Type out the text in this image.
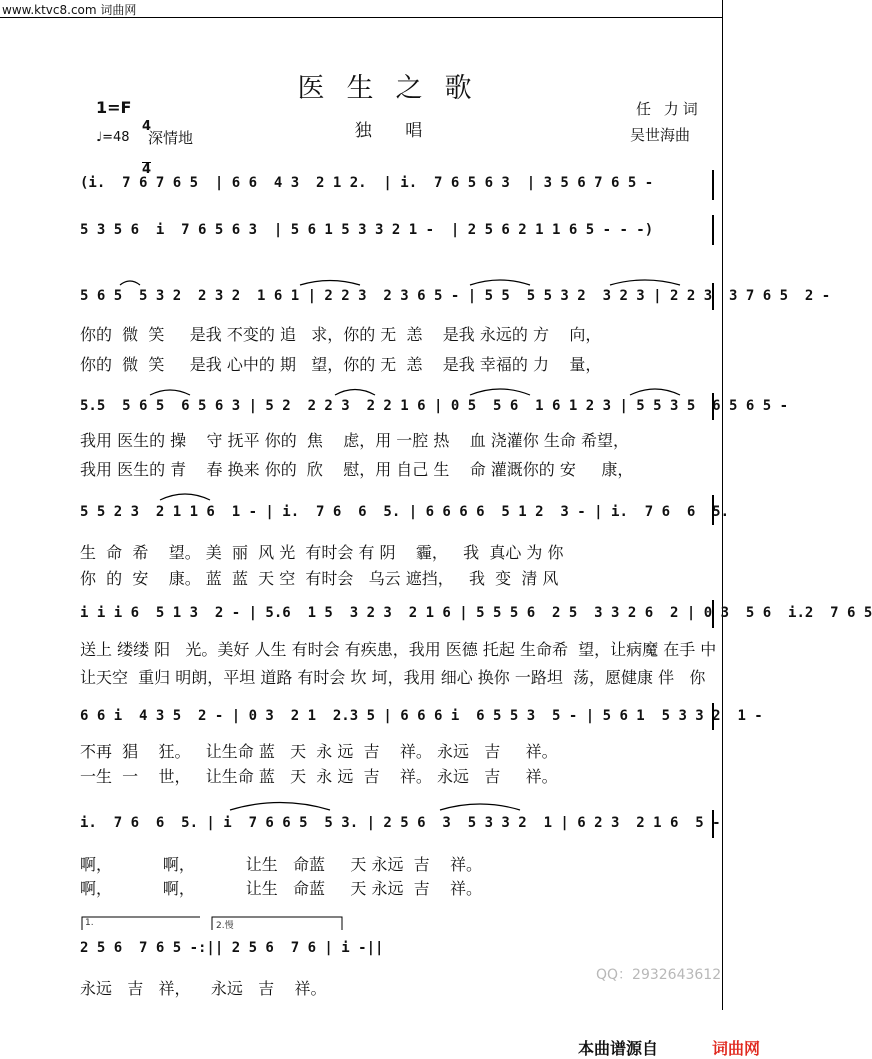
www.ktvc8.com 词曲网
医生之歌
独 唱
1=F

$\frac{4}{4}$

♩=48 深情地
任 力词
吴世海曲
(i.  7 6 7 6 5  | 6 6  4 3  2 1 2.  | i.  7 6 5 6 3  | 3 5 6 7 6 5 -
5 3 5 6  i  7 6 5 6 3  | 5 6 1 5 3 3 2 1 -  | 2 5 6 2 1 1 6 5 - - -)
5 6 5  5 3 2  2 3 2  1 6 1 | 2 2 3  2 3 6 5 - | 5 5  5 5 3 2  3 2 3 | 2 2 3  3 7 6 5  2 -
你的  微  笑     是我 不变的 追   求，你的 无  恙    是我 永远的 方    向，
你的  微  笑     是我 心中的 期   望，你的 无  恙    是我 幸福的 力    量，
5.5  5 6 5  6 5 6 3 | 5 2  2 2 3  2 2 1 6 | 0 5  5 6  1 6 1 2 3 | 5 5 3 5  6 5 6 5 -
我用 医生的 操    守 抚平 你的  焦    虑，用 一腔 热    血 浇灌你 生命 希望，
我用 医生的 青    春 换来 你的  欣    慰，用 自己 生    命 灌溉你的 安     康，
5 5 2 3  2 1 1 6  1 - | i.  7 6  6  5. | 6 6 6 6  5 1 2  3 - | i.  7 6  6  5.
生  命  希    望。 美  丽  风 光  有时会 有 阴    霾，   我  真心 为 你
你  的  安    康。 蓝  蓝  天 空  有时会   乌云 遮挡，   我  变  清 风
i i i 6  5 1 3  2 - | 5.6  1 5  3 2 3  2 1 6 | 5 5 5 6  2 5  3 3 2 6  2 | 0 3  5 6  i.2  7 6 5
送上 缕缕 阳   光。美好 人生 有时会 有疾患，我用 医德 托起 生命希  望，让病魔 在手 中
让天空  重归 明朗，平坦 道路 有时会 坎 坷，我用 细心 换你 一路坦  荡，愿健康 伴   你
6 6 i  4 3 5  2 - | 0 3  2 1  2.3 5 | 6 6 6 i  6 5 5 3  5 - | 5 6 1  5 3 3 2  1 -
不再  猖    狂。   让生命 蓝   天  永 远  吉    祥。 永远   吉     祥。
一生  一    世，   让生命 蓝   天  永 远  吉    祥。 永远   吉     祥。
i.  7 6  6  5. | i  7 6 6 5  5 3. | 2 5 6  3  5 3 3 2  1 | 6 2 3  2 1 6  5 -
啊，          啊，          让生   命蓝     天 永远  吉    祥。
啊，          啊，          让生   命蓝     天 永远  吉    祥。
1.	2.慢
2 5 6  7 6 5 -:|| 2 5 6  7 6 | i -||
永远   吉   祥，    永远   吉    祥。
QQ：2932643612
本曲谱源自	词曲网
